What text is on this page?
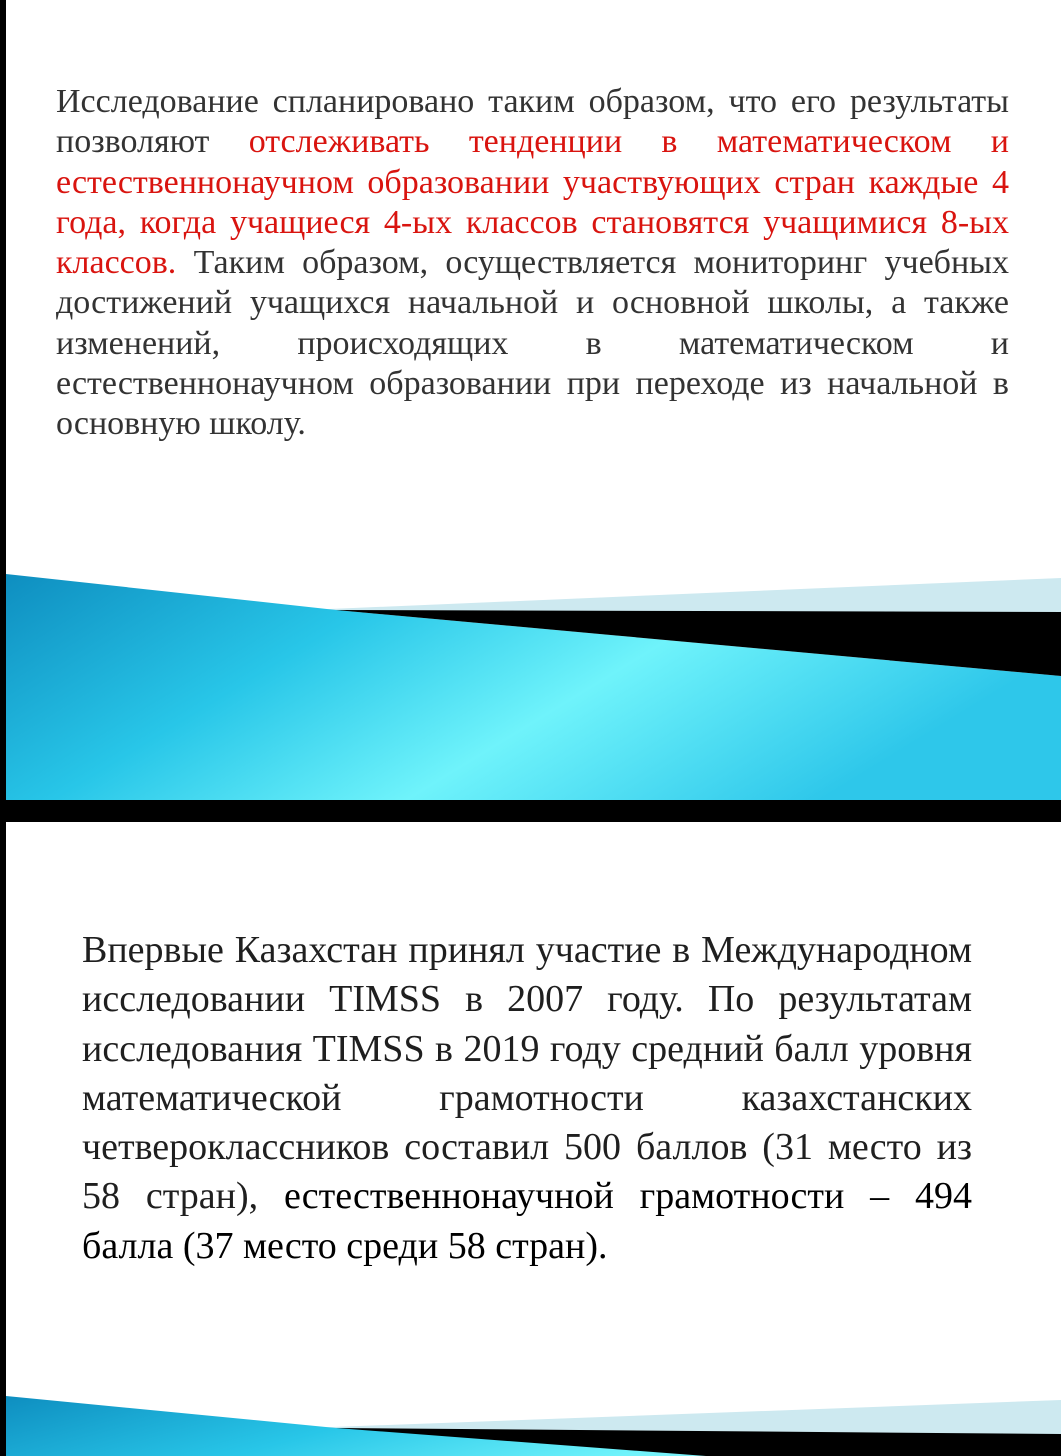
Исследование спланировано таким образом, что его результаты позволяют отслеживать тенденции в математическом и естественнонаучном образовании участвующих стран каждые 4 года, когда учащиеся 4-ых классов становятся учащимися 8-ых классов. Таким образом, осуществляется мониторинг учебных достижений учащихся начальной и основной школы, а также изменений, происходящих в математическом и естественнонаучном образовании при переходе из начальной в основную школу.

Впервые Казахстан принял участие в Международном исследовании TIMSS в 2007 году. По результатам исследования TIMSS в 2019 году средний балл уровня математической грамотности казахстанских четвероклассников составил 500 баллов (31 место из 58 стран), естественнонаучной грамотности – 494 балла (37 место среди 58 стран).
